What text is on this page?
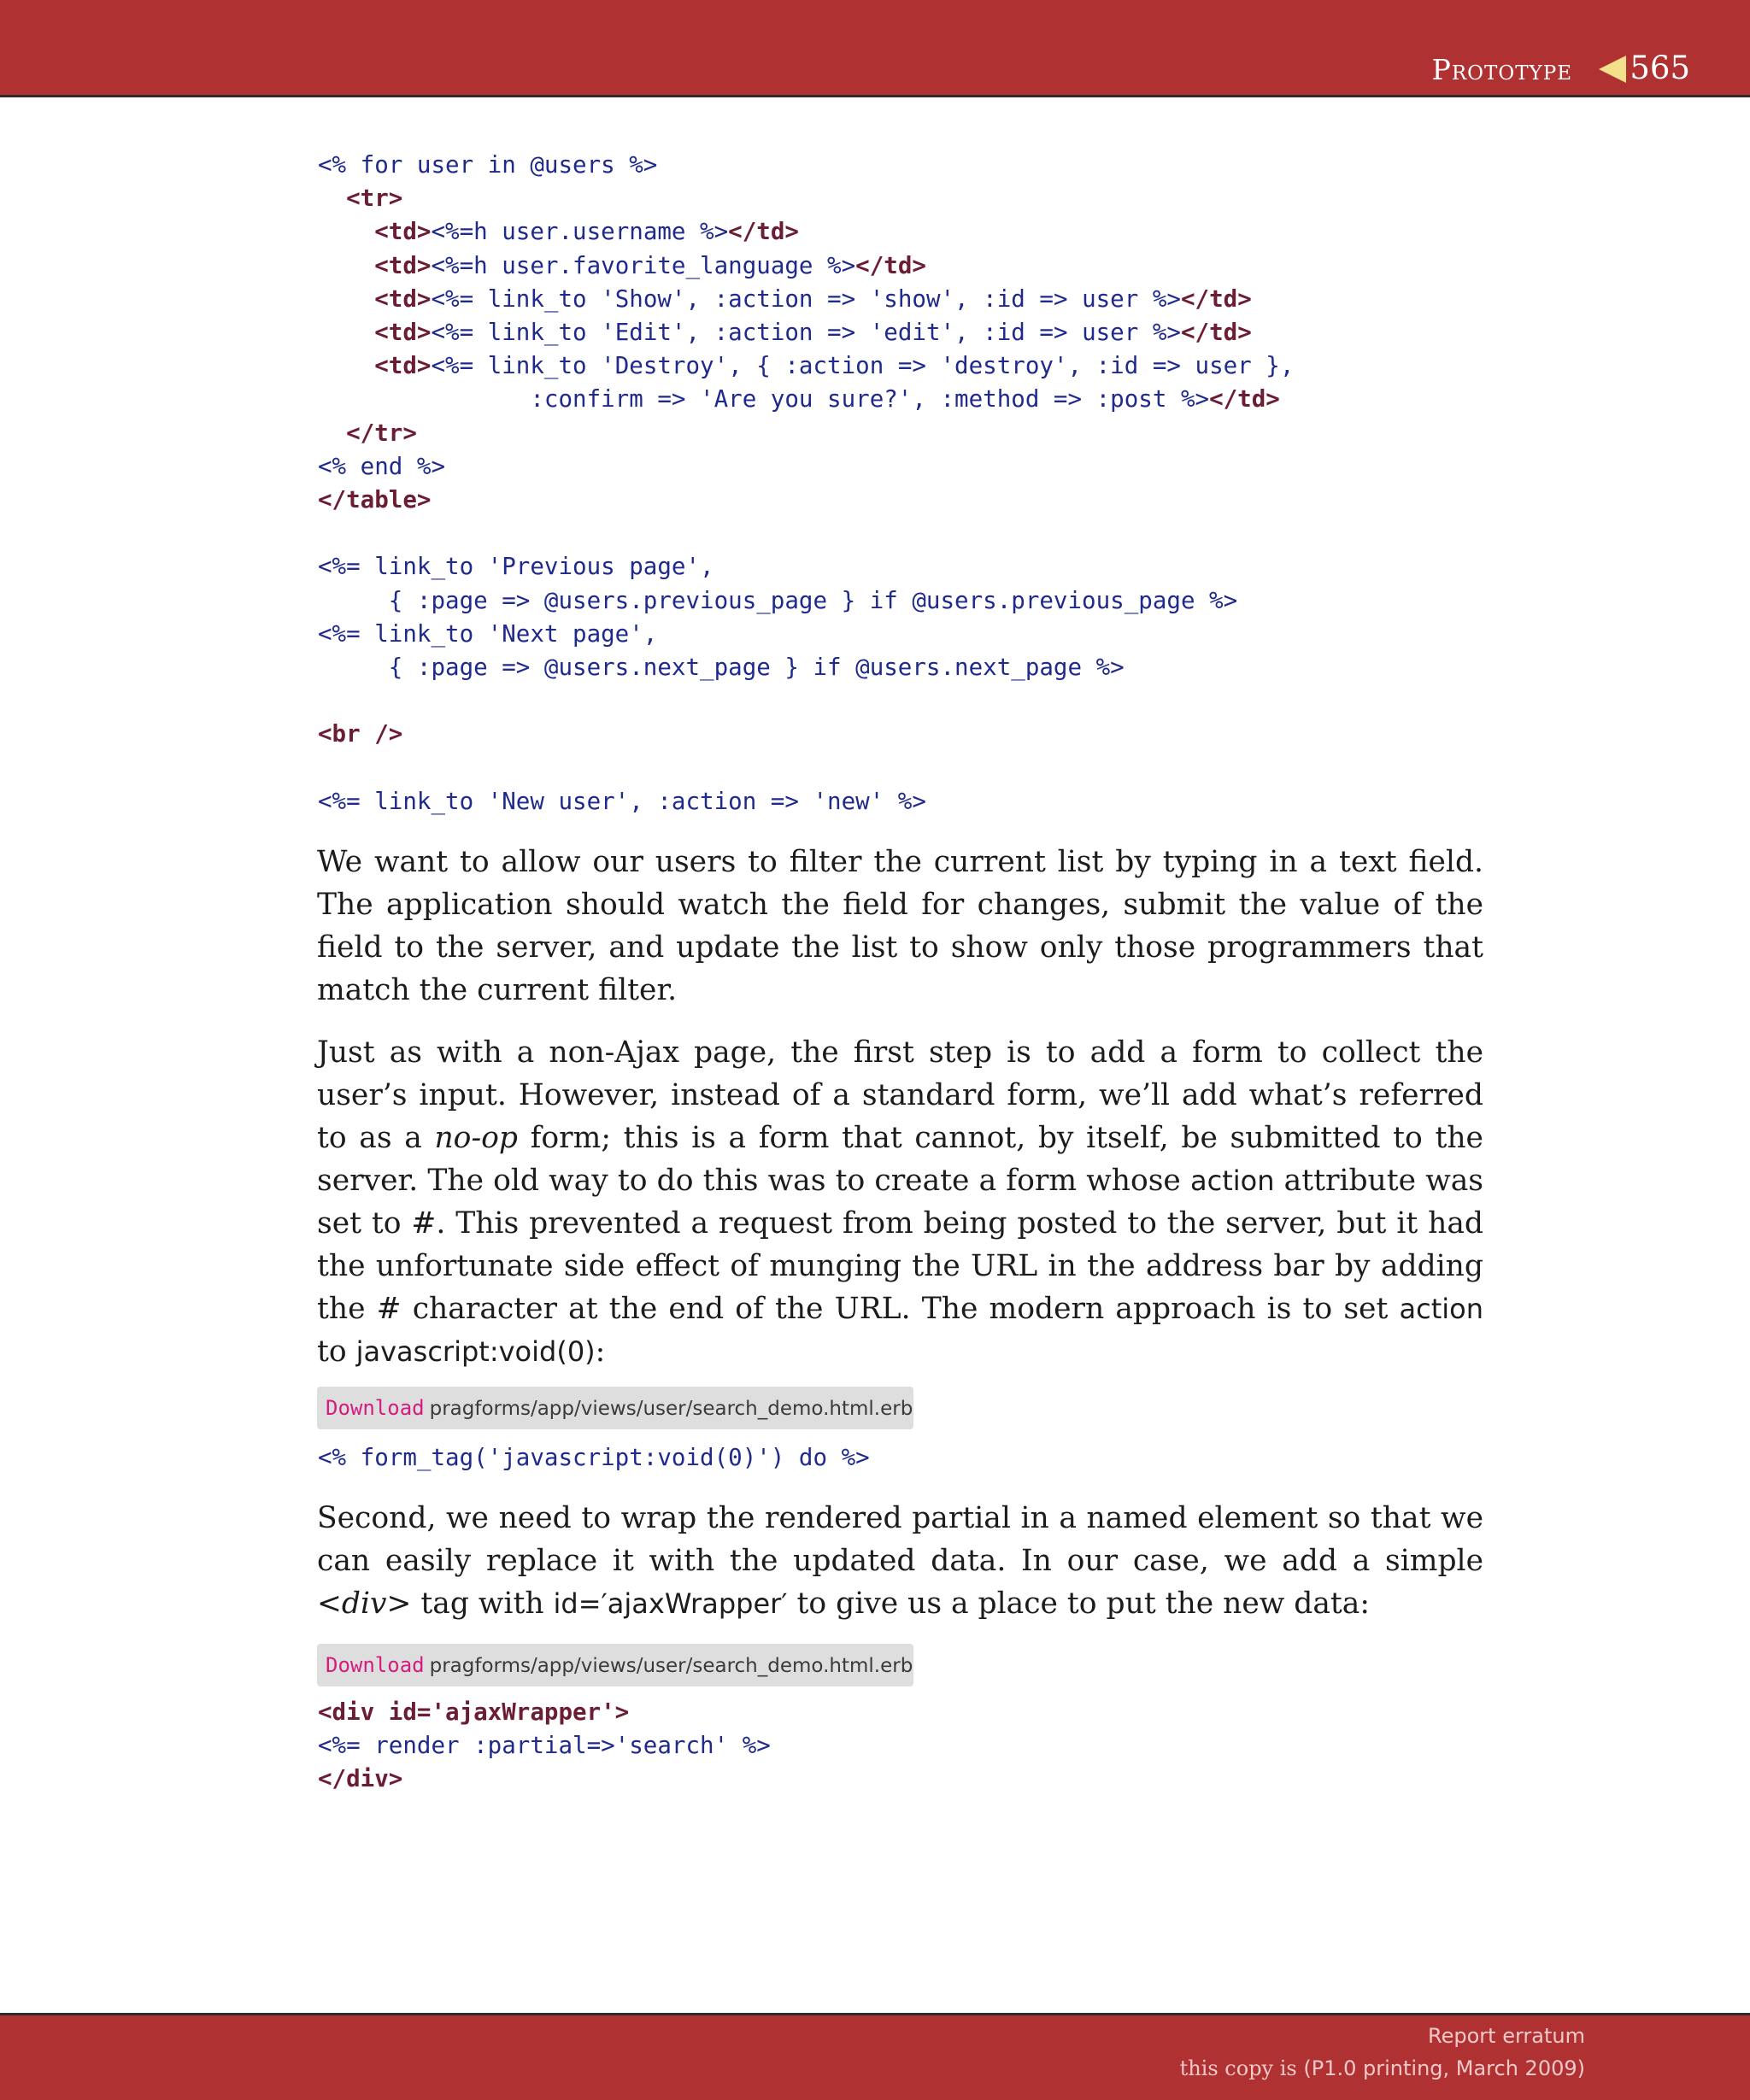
Prototype 565
<% for user in @users %>
<tr>
<td><%=h user.username %></td>
<td><%=h user.favorite_language %></td>
<td><%= link_to 'Show', :action => 'show', :id => user %></td>
<td><%= link_to 'Edit', :action => 'edit', :id => user %></td>
<td><%= link_to 'Destroy', { :action => 'destroy', :id => user },
:confirm => 'Are you sure?', :method => :post %></td>
</tr>
<% end %>
</table>

<%= link_to 'Previous page',
{ :page => @users.previous_page } if @users.previous_page %>
<%= link_to 'Next page',
{ :page => @users.next_page } if @users.next_page %>

<br />

<%= link_to 'New user', :action => 'new' %>

We want to allow our users to filter the current list by typing in a text field. The application should watch the field for changes, submit the value of the field to the server, and update the list to show only those programmers that match the current filter.

Just as with a non-Ajax page, the first step is to add a form to collect the user’s input. However, instead of a standard form, we’ll add what’s referred to as a no-op form; this is a form that cannot, by itself, be submitted to the server. The old way to do this was to create a form whose action attribute was set to #. This prevented a request from being posted to the server, but it had the unfortunate side effect of munging the URL in the address bar by adding the # character at the end of the URL. The modern approach is to set action to javascript:void(0):

Download pragforms/app/views/user/search_demo.html.erb
<% form_tag('javascript:void(0)') do %>

Second, we need to wrap the rendered partial in a named element so that we can easily replace it with the updated data. In our case, we add a simple <div> tag with id=′ajaxWrapper′ to give us a place to put the new data:

Download pragforms/app/views/user/search_demo.html.erb
<div id='ajaxWrapper'>
<%= render :partial=>'search' %>
</div>
Report erratum
this copy is (P1.0 printing, March 2009)
